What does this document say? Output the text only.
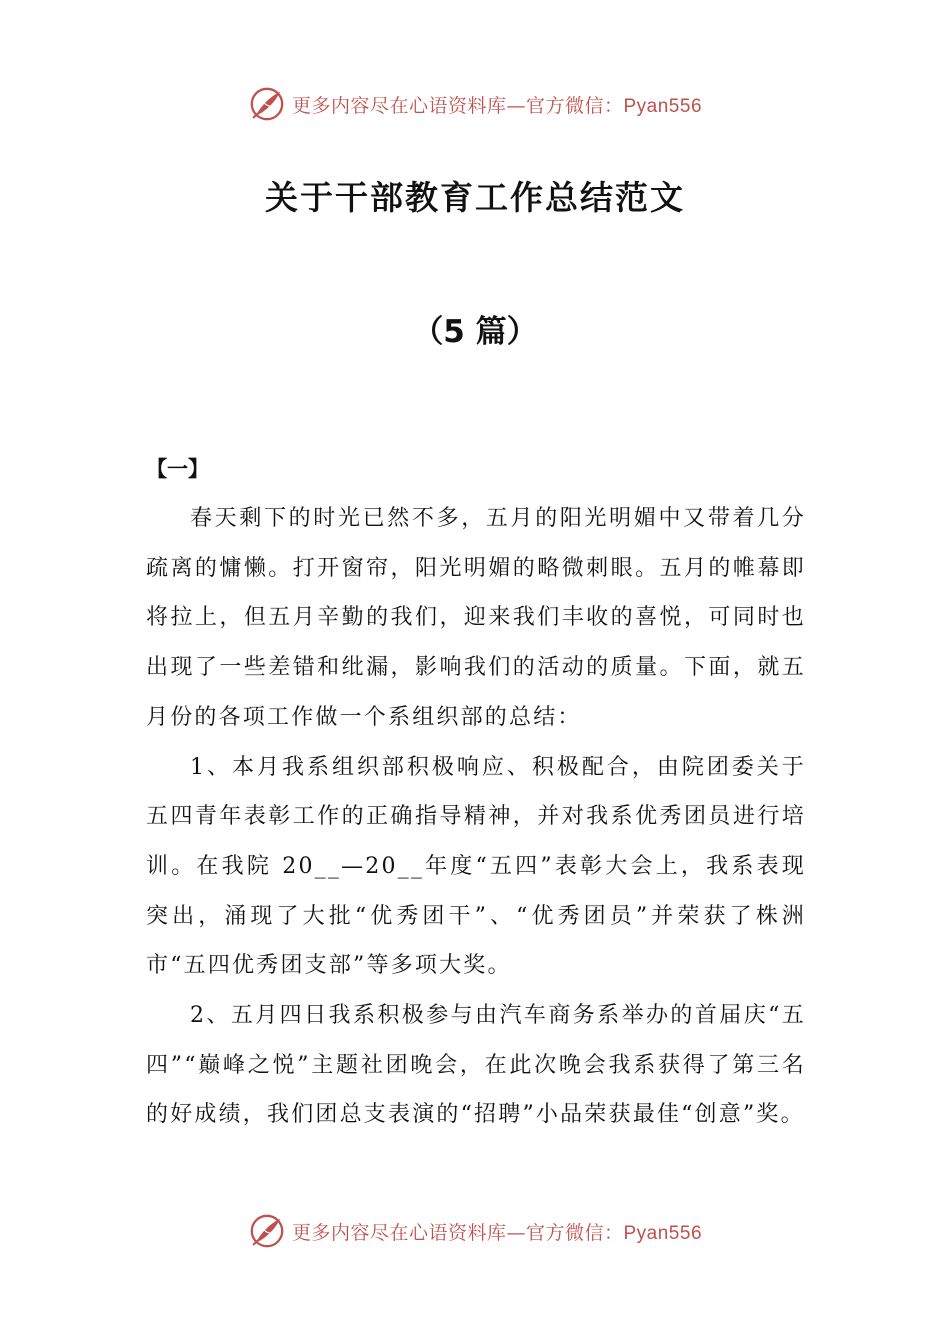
更多内容尽在心语资料库—官方微信：Pyan556
关于干部教育工作总结范文
（5 篇）

【一】

春天剩下的时光已然不多，五月的阳光明媚中又带着几分疏离的慵懒。打开窗帘，阳光明媚的略微刺眼。五月的帷幕即将拉上，但五月辛勤的我们，迎来我们丰收的喜悦，可同时也出现了一些差错和纰漏，影响我们的活动的质量。下面，就五月份的各项工作做一个系组织部的总结：

1、本月我系组织部积极响应、积极配合，由院团委关于五四青年表彰工作的正确指导精神，并对我系优秀团员进行培训。在我院 20__—20__年度“五四”表彰大会上，我系表现突出，涌现了大批“优秀团干”、“优秀团员”并荣获了株洲市“五四优秀团支部”等多项大奖。

2、五月四日我系积极参与由汽车商务系举办的首届庆“五四”“巅峰之悦”主题社团晚会，在此次晚会我系获得了第三名的好成绩，我们团总支表演的“招聘”小品荣获最佳“创意”奖。

更多内容尽在心语资料库—官方微信：Pyan556
